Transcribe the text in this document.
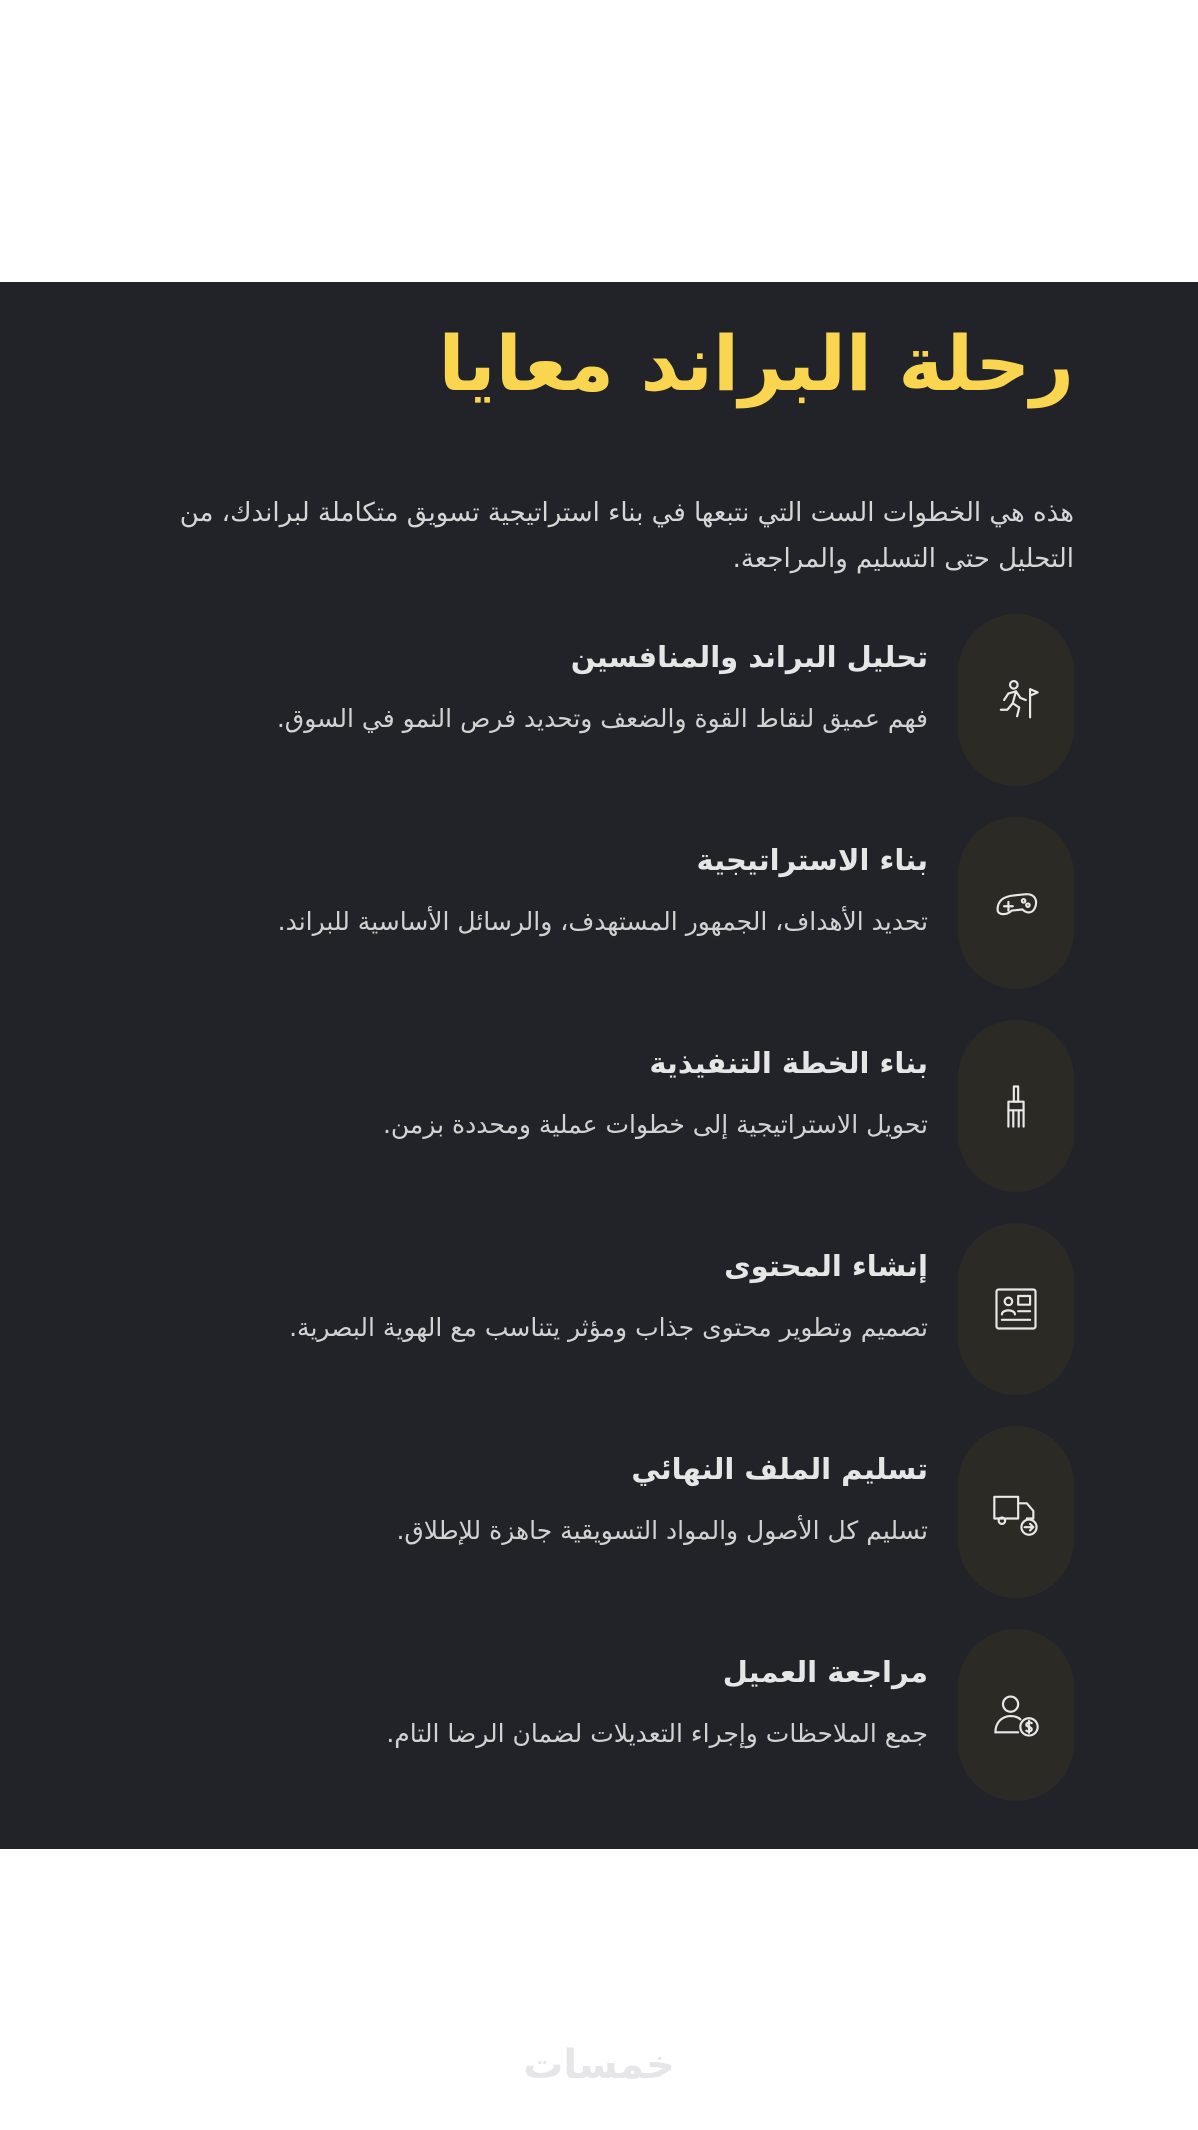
رحلة البراند معايا

هذه هي الخطوات الست التي نتبعها في بناء استراتيجية تسويق متكاملة لبراندك، من التحليل حتى التسليم والمراجعة.

تحليل البراند والمنافسين
فهم عميق لنقاط القوة والضعف وتحديد فرص النمو في السوق.
بناء الاستراتيجية
تحديد الأهداف، الجمهور المستهدف، والرسائل الأساسية للبراند.
بناء الخطة التنفيذية
تحويل الاستراتيجية إلى خطوات عملية ومحددة بزمن.
إنشاء المحتوى
تصميم وتطوير محتوى جذاب ومؤثر يتناسب مع الهوية البصرية.
تسليم الملف النهائي
تسليم كل الأصول والمواد التسويقية جاهزة للإطلاق.
مراجعة العميل
جمع الملاحظات وإجراء التعديلات لضمان الرضا التام.
خمسات
